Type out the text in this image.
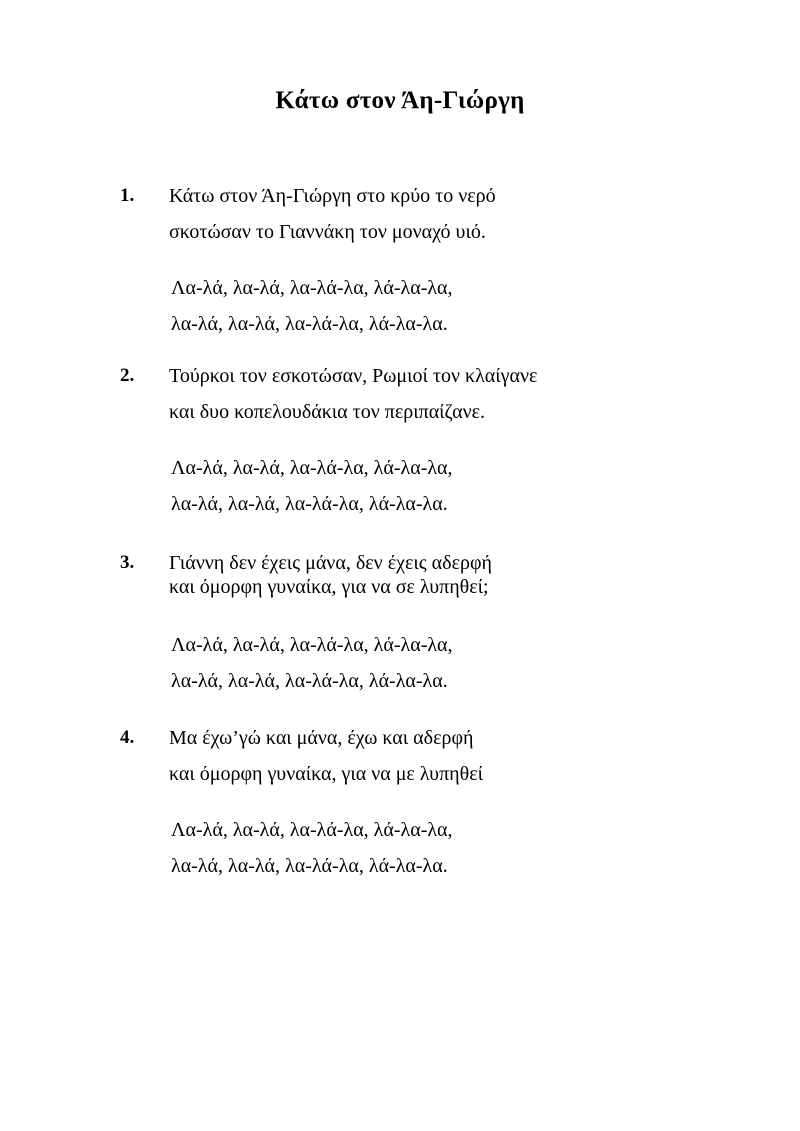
Κάτω στον Άη-Γιώργη
1.	Κάτω στον Άη-Γιώργη στο κρύο το νερό
σκοτώσαν το Γιαννάκη τον μοναχό υιό.
Λα-λά, λα-λά, λα-λά-λα, λά-λα-λα,
λα-λά, λα-λά, λα-λά-λα, λά-λα-λα.
2.	Τούρκοι τον εσκοτώσαν, Ρωμιοί τον κλαίγανε
και δυο κοπελουδάκια τον περιπαίζανε.
Λα-λά, λα-λά, λα-λά-λα, λά-λα-λα,
λα-λά, λα-λά, λα-λά-λα, λά-λα-λα.
3.	Γιάννη δεν έχεις μάνα, δεν έχεις αδερφή
και όμορφη γυναίκα, για να σε λυπηθεί;
Λα-λά, λα-λά, λα-λά-λα, λά-λα-λα,
λα-λά, λα-λά, λα-λά-λα, λά-λα-λα.
4.	Μα έχω’γώ και μάνα, έχω και αδερφή
και όμορφη γυναίκα, για να με λυπηθεί
Λα-λά, λα-λά, λα-λά-λα, λά-λα-λα,
λα-λά, λα-λά, λα-λά-λα, λά-λα-λα.
